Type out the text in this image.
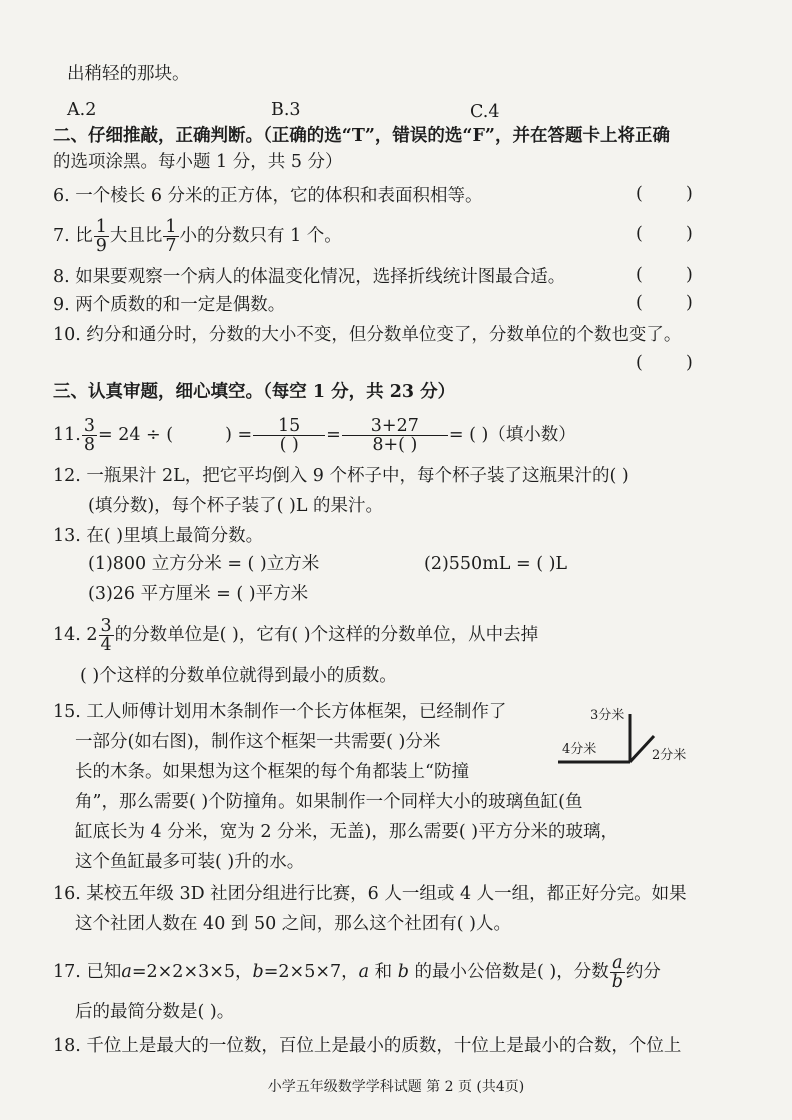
出稍轻的那块。
A.2	B.3	C.4
二、仔细推敲，正确判断。（正确的选“T”，错误的选“F”，并在答题卡上将正确
的选项涂黑。每小题 1 分，共 5 分）
6. 一个棱长 6 分米的正方体，它的体积和表面积相等。	( )
7. 比 $\frac{1}{9}$ 大且比 $\frac{1}{7}$ 小的分数只有 1 个。	( )
8. 如果要观察一个病人的体温变化情况，选择折线统计图最合适。	( )
9. 两个质数的和一定是偶数。	( )
10. 约分和通分时，分数的大小不变，但分数单位变了，分数单位的个数也变了。
( )
三、认真审题，细心填空。（每空 1 分，共 23 分）
11. $\frac{3}{8} = 24$ ÷ (	) = $\frac{15}{( )} = \frac{3+27}{8+( )}$ = ( )（填小数）
12. 一瓶果汁 2L，把它平均倒入 9 个杯子中，每个杯子装了这瓶果汁的( )
(填分数)，每个杯子装了( )L 的果汁。
13. 在( )里填上最简分数。
(1)800 立方分米 = ( )立方米	(2)550mL = ( )L
(3)26 平方厘米 = ( )平方米
14. $2 \frac{3}{4}$ 的分数单位是( )，它有( )个这样的分数单位，从中去掉
( )个这样的分数单位就得到最小的质数。
15. 工人师傅计划用木条制作一个长方体框架，已经制作了
一部分(如右图)，制作这个框架一共需要( )分米
长的木条。如果想为这个框架的每个角都装上“防撞
角”，那么需要( )个防撞角。如果制作一个同样大小的玻璃鱼缸(鱼
缸底长为 4 分米，宽为 2 分米，无盖)，那么需要( )平方分米的玻璃，
这个鱼缸最多可装( )升的水。
3分米
4分米	2分米
16. 某校五年级 3D 社团分组进行比赛，6 人一组或 4 人一组，都正好分完。如果
这个社团人数在 40 到 50 之间，那么这个社团有( )人。
17. 已知a=2×2×3×5，b=2×5×7，a 和 b 的最小公倍数是( )，分数 $\frac{a}{b}$ 约分
后的最简分数是( )。
18. 千位上是最大的一位数，百位上是最小的质数，十位上是最小的合数，个位上
小学五年级数学学科试题 第 2 页 (共4页)
